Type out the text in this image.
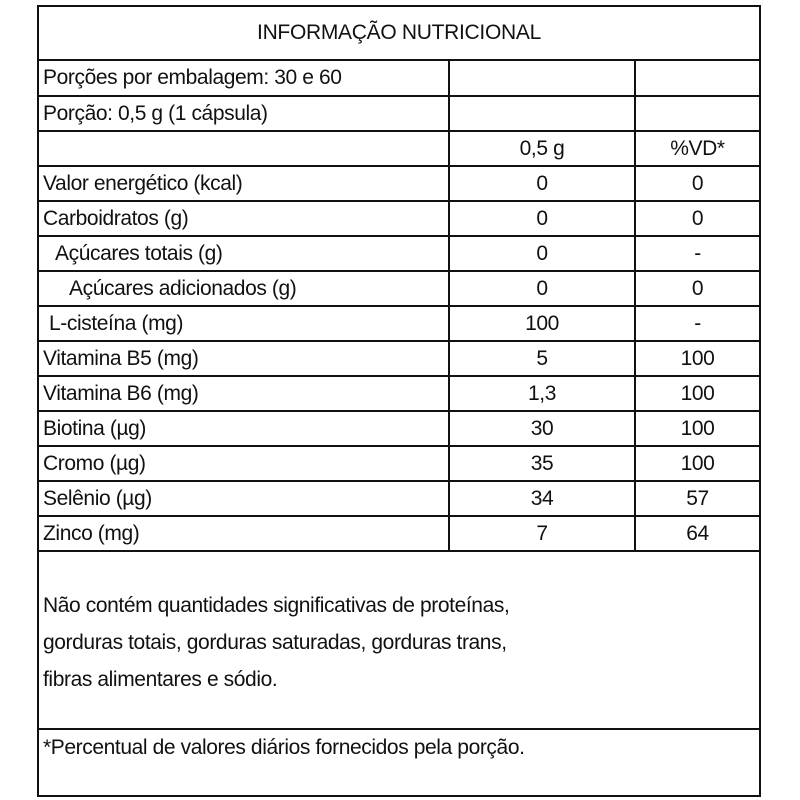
INFORMAÇÃO NUTRICIONAL
Porções por embalagem: 30 e 60		
Porção: 0,5 g (1 cápsula)		
	0,5 g	%VD*
Valor energético (kcal)	0	0
Carboidratos (g)	0	0
Açúcares totais (g)	0	-
Açúcares adicionados (g)	0	0
L-cisteína (mg)	100	-
Vitamina B5 (mg)	5	100
Vitamina B6 (mg)	1,3	100
Biotina (µg)	30	100
Cromo (µg)	35	100
Selênio (µg)	34	57
Zinco (mg)	7	64
Não contém quantidades significativas de proteínas,
gorduras totais, gorduras saturadas, gorduras trans,
fibras alimentares e sódio.
*Percentual de valores diários fornecidos pela porção.
